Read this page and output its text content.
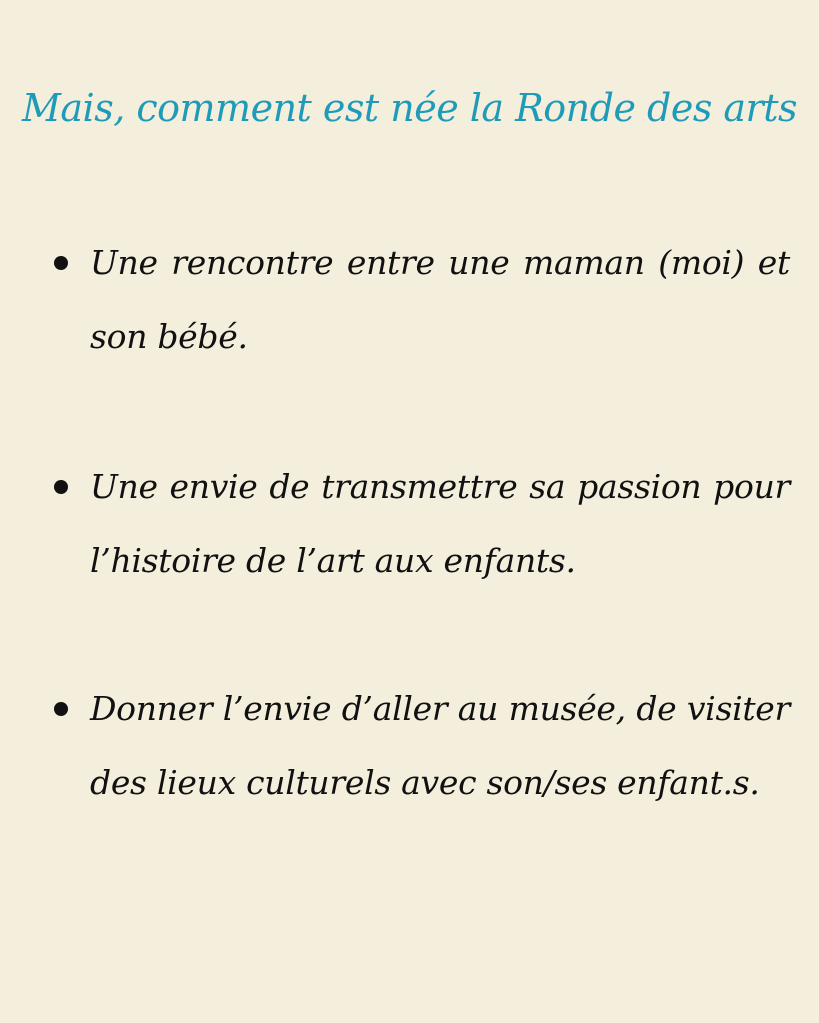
Mais, comment est née la Ronde des arts
Une rencontre entre une maman (moi) et son bébé.
Une envie de transmettre sa passion pour l’histoire de l’art aux enfants.
Donner l’envie d’aller au musée, de visiter des lieux culturels avec son/ses enfant.s.
